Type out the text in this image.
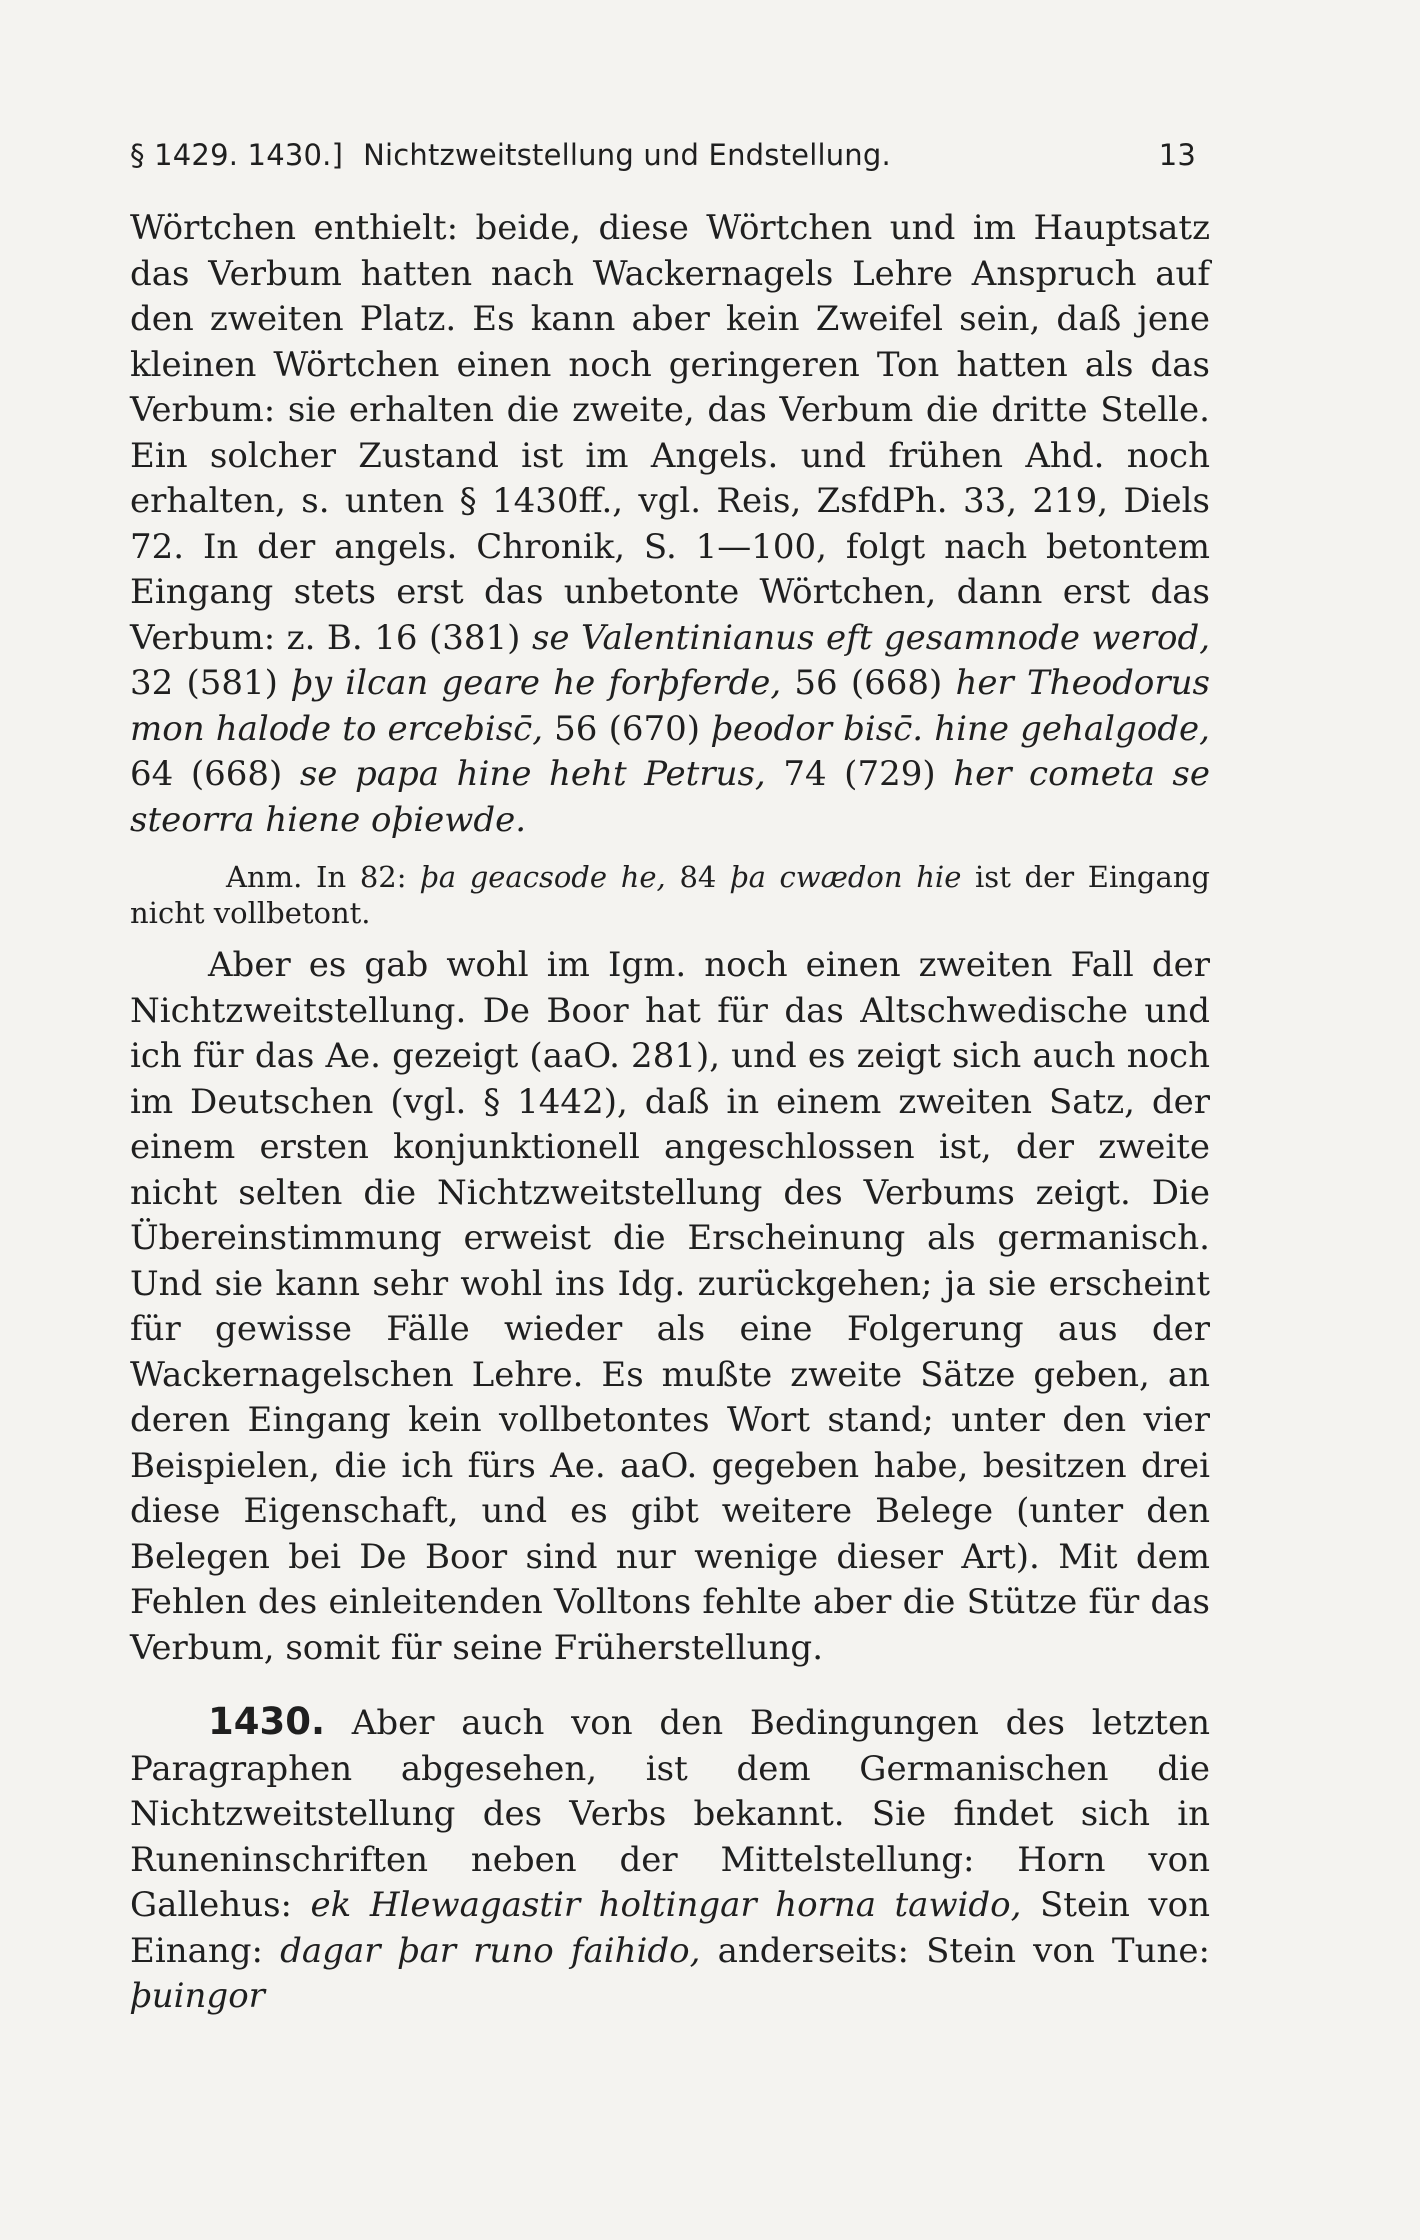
§ 1429. 1430.] Nichtzweitstellung und Endstellung.	13

Wörtchen enthielt: beide, diese Wörtchen und im Hauptsatz das Verbum hatten nach Wackernagels Lehre Anspruch auf den zweiten Platz. Es kann aber kein Zweifel sein, daß jene kleinen Wörtchen einen noch geringeren Ton hatten als das Verbum: sie erhalten die zweite, das Verbum die dritte Stelle. Ein solcher Zustand ist im Angels. und frühen Ahd. noch erhalten, s. unten § 1430ff., vgl. Reis, ZsfdPh. 33, 219, Diels 72. In der angels. Chronik, S. 1—100, folgt nach betontem Eingang stets erst das unbetonte Wörtchen, dann erst das Verbum: z. B. 16 (381) se Valentinianus eft gesamnode werod, 32 (581) þy ilcan geare he forþferde, 56 (668) her Theodorus mon halode to ercebisc̄, 56 (670) þeodor bisc̄. hine gehalgode, 64 (668) se papa hine heht Petrus, 74 (729) her cometa se steorra hiene oþiewde.

Anm. In 82: þa geacsode he, 84 þa cwædon hie ist der Eingang nicht vollbetont.

Aber es gab wohl im Igm. noch einen zweiten Fall der Nichtzweitstellung. De Boor hat für das Altschwedische und ich für das Ae. gezeigt (aaO. 281), und es zeigt sich auch noch im Deutschen (vgl. § 1442), daß in einem zweiten Satz, der einem ersten konjunktionell angeschlossen ist, der zweite nicht selten die Nichtzweitstellung des Verbums zeigt. Die Übereinstimmung erweist die Erscheinung als germanisch. Und sie kann sehr wohl ins Idg. zurückgehen; ja sie erscheint für gewisse Fälle wieder als eine Folgerung aus der Wackernagelschen Lehre. Es mußte zweite Sätze geben, an deren Eingang kein vollbetontes Wort stand; unter den vier Beispielen, die ich fürs Ae. aaO. gegeben habe, besitzen drei diese Eigenschaft, und es gibt weitere Belege (unter den Belegen bei De Boor sind nur wenige dieser Art). Mit dem Fehlen des einleitenden Volltons fehlte aber die Stütze für das Verbum, somit für seine Früherstellung.

1430. Aber auch von den Bedingungen des letzten Paragraphen abgesehen, ist dem Germanischen die Nichtzweitstellung des Verbs bekannt. Sie findet sich in Runeninschriften neben der Mittelstellung: Horn von Gallehus: ek Hlewagastir holtingar horna tawido, Stein von Einang: dagar þar runo faihido, anderseits: Stein von Tune: þuingor
